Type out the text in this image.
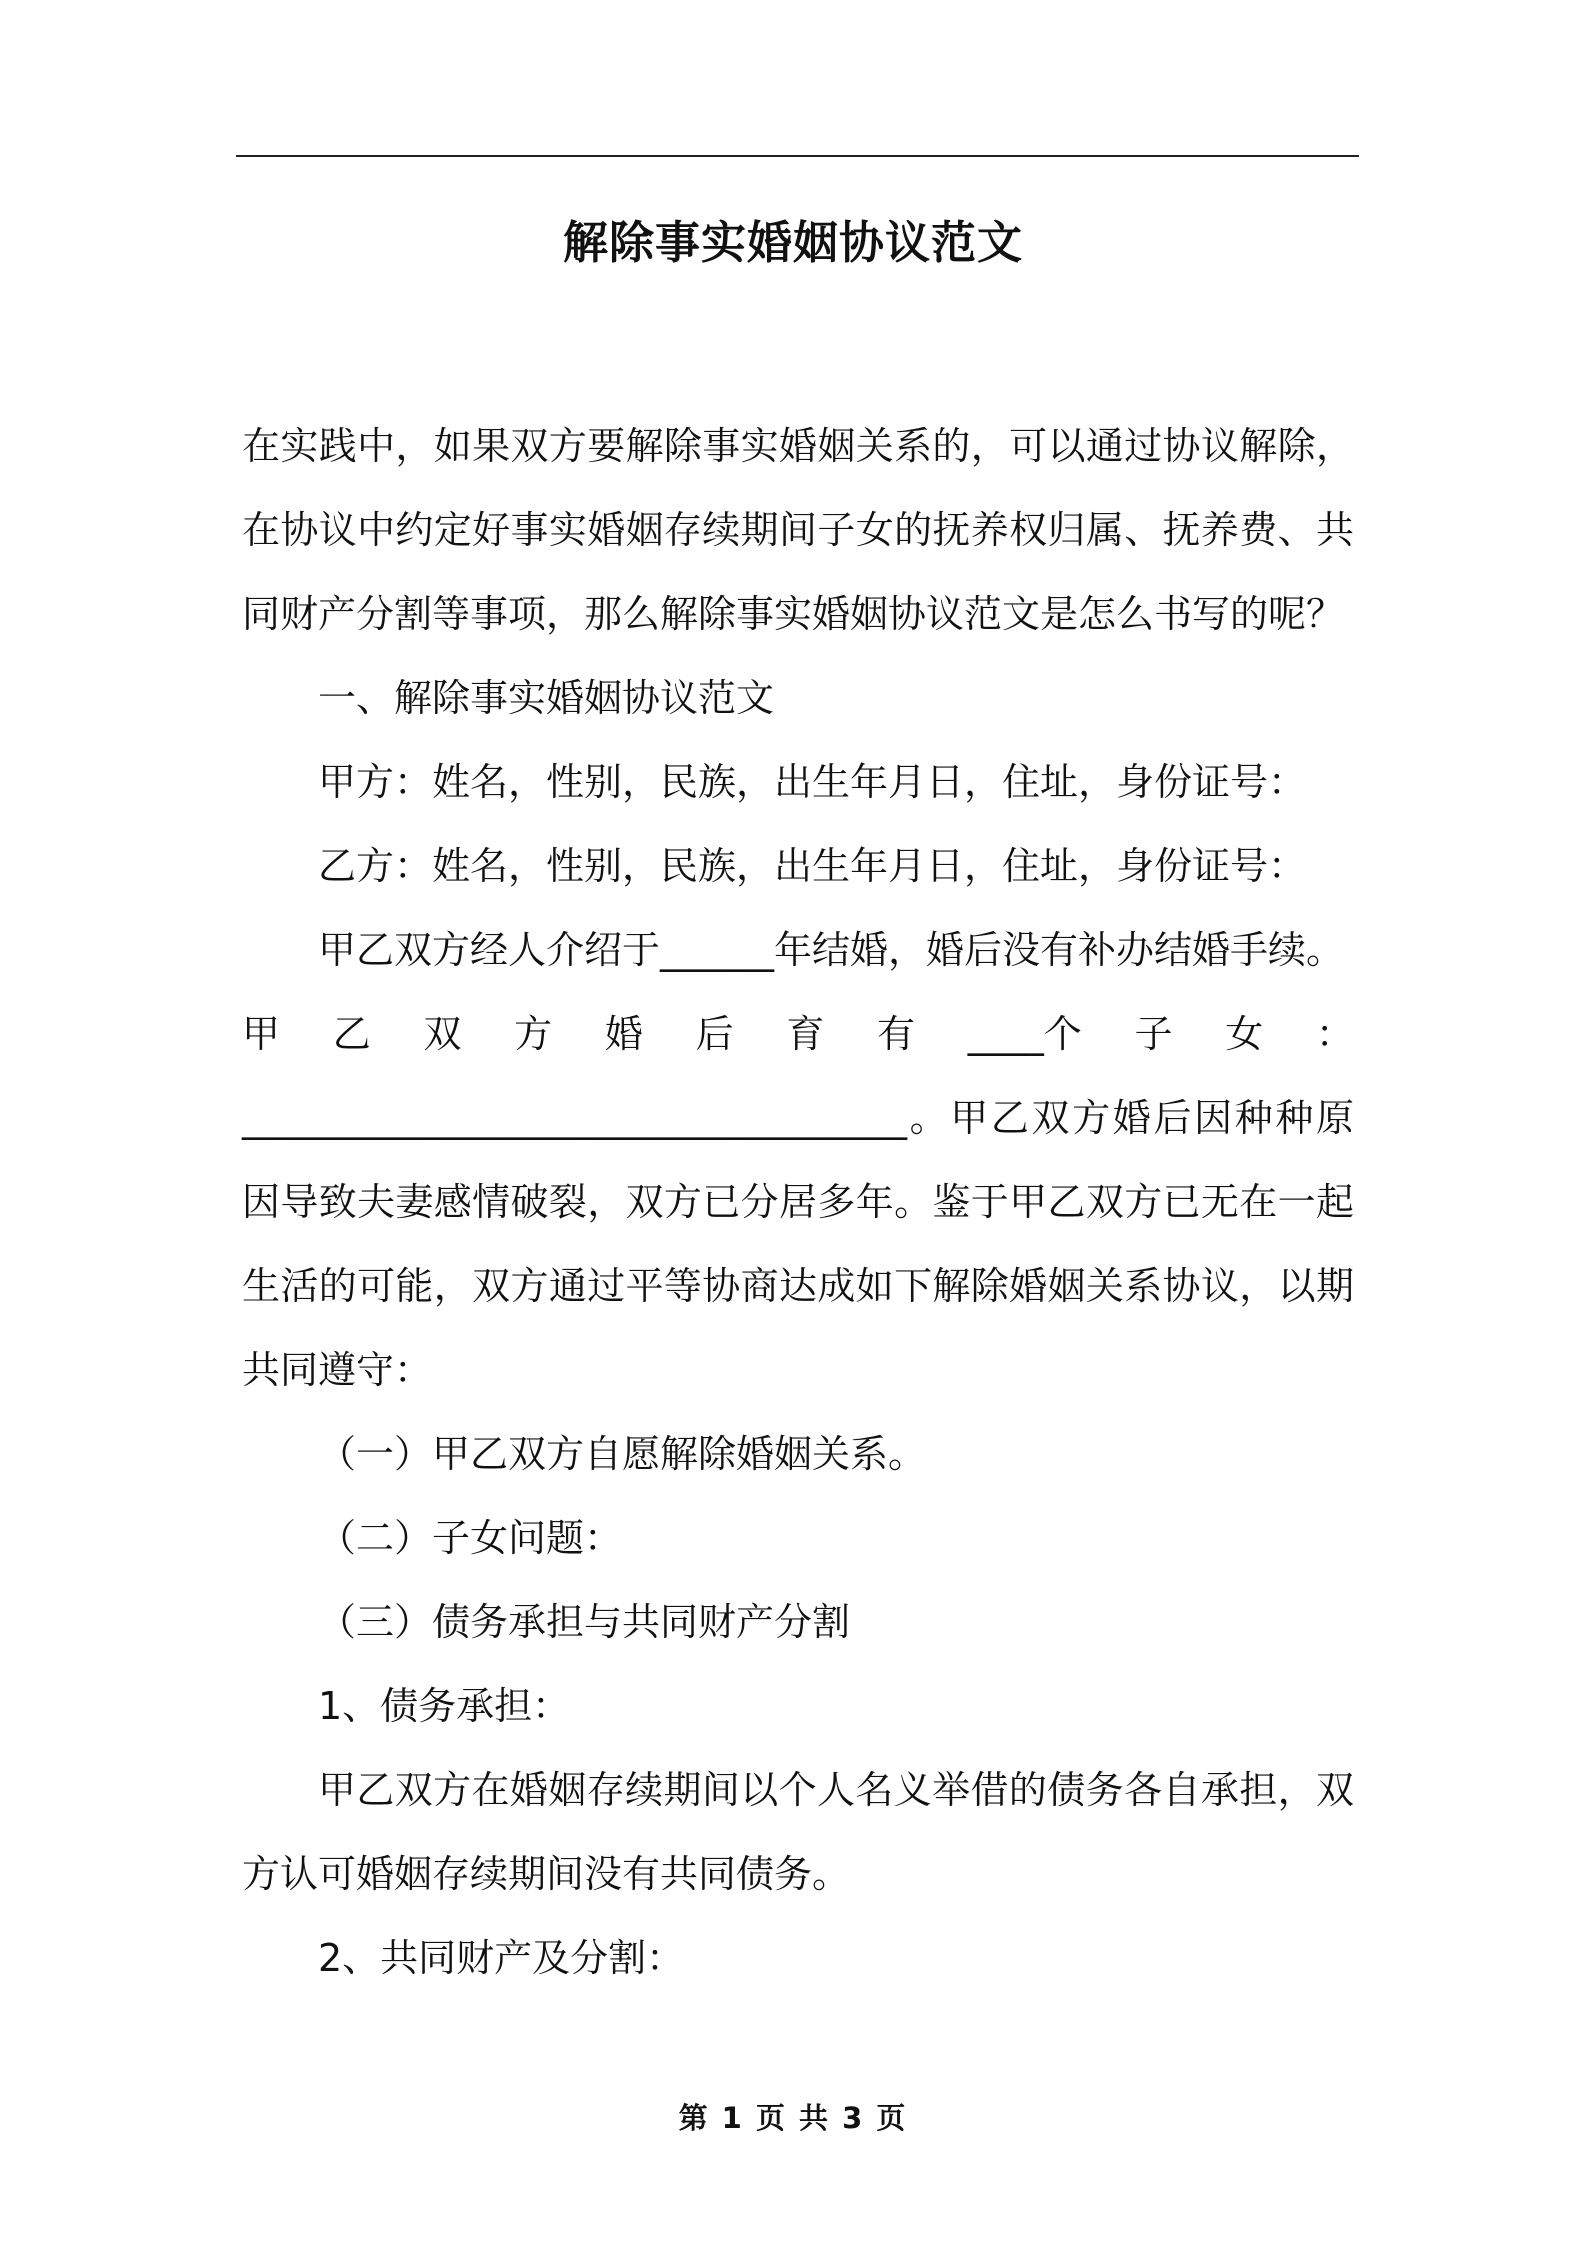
解除事实婚姻协议范文

在实践中，如果双方要解除事实婚姻关系的，可以通过协议解除，在协议中约定好事实婚姻存续期间子女的抚养权归属、抚养费、共同财产分割等事项，那么解除事实婚姻协议范文是怎么书写的呢？

一、解除事实婚姻协议范文

甲方：姓名，性别，民族，出生年月日，住址，身份证号：

乙方：姓名，性别，民族，出生年月日，住址，身份证号：

甲乙双方经人介绍于______年结婚，婚后没有补办结婚手续。

甲 乙 双 方 婚 后 育 有 ____个 子 女 ：

___________________________________。甲乙双方婚后因种种原因导致夫妻感情破裂，双方已分居多年。鉴于甲乙双方已无在一起生活的可能，双方通过平等协商达成如下解除婚姻关系协议，以期共同遵守：

（一）甲乙双方自愿解除婚姻关系。

（二）子女问题：

（三）债务承担与共同财产分割

1、债务承担：

甲乙双方在婚姻存续期间以个人名义举借的债务各自承担，双方认可婚姻存续期间没有共同债务。

2、共同财产及分割：

第 1 页 共 3 页
